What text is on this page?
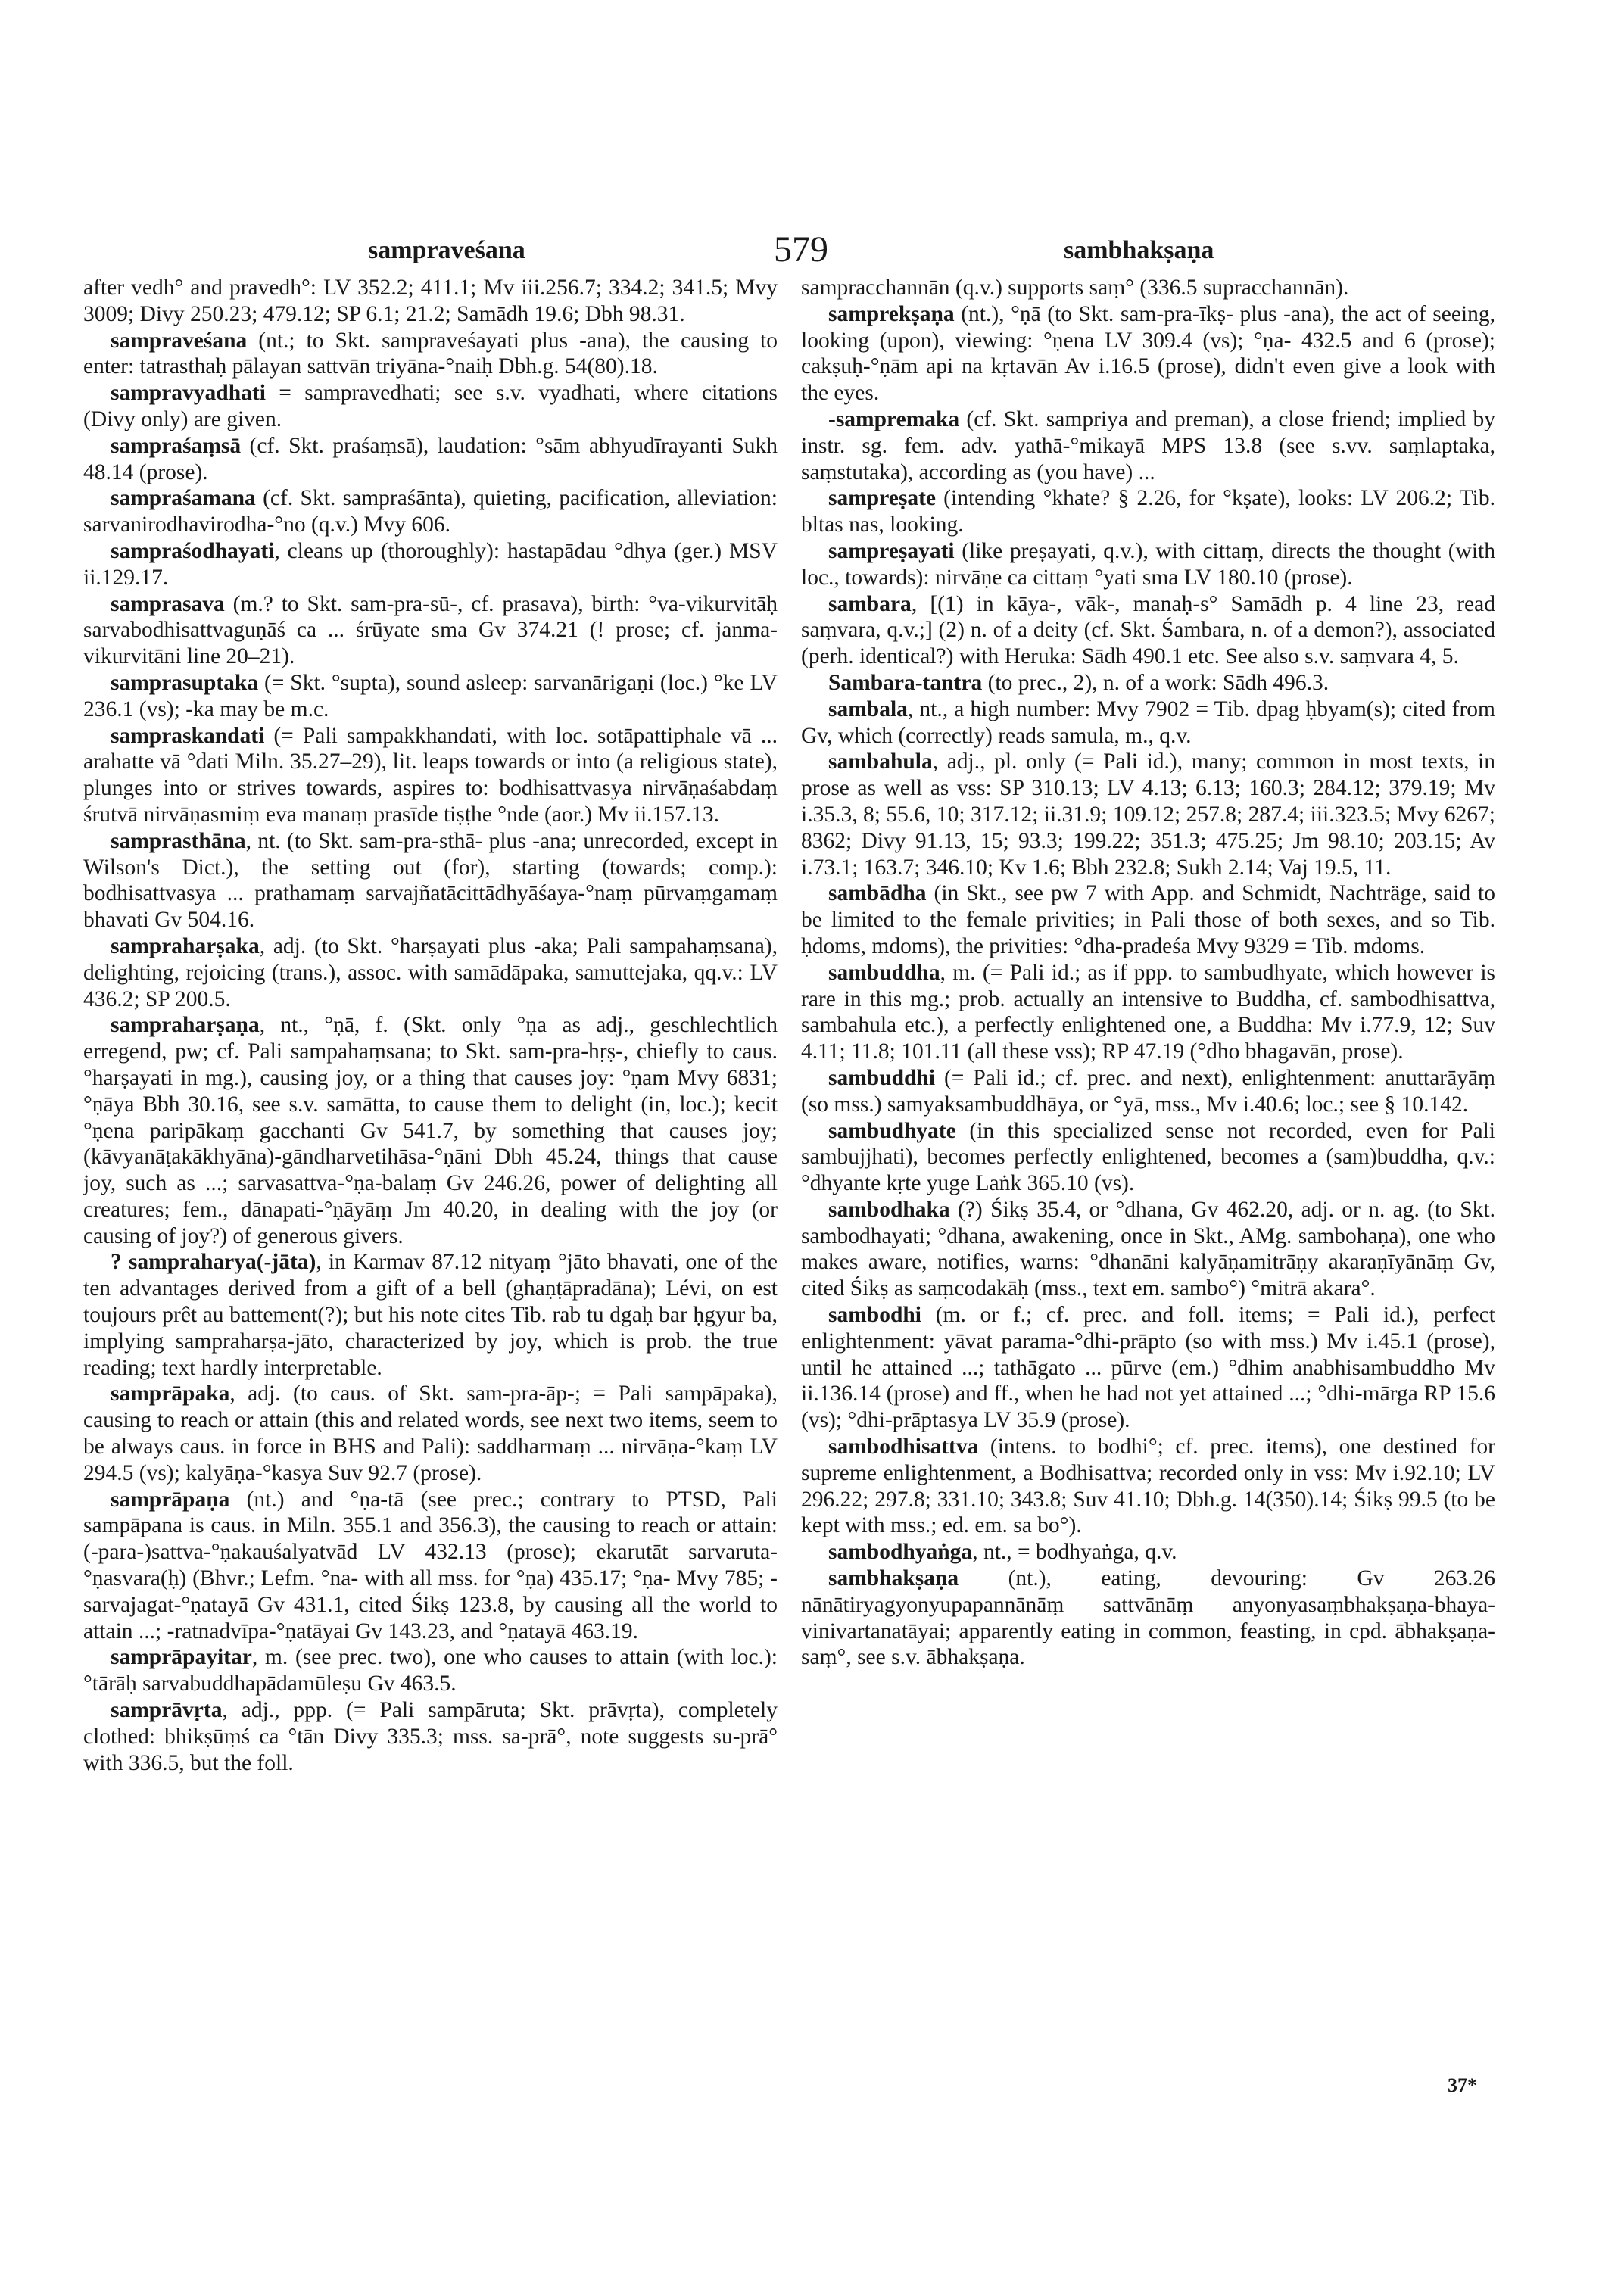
sampraveśana	579	sambhakṣaṇa

after vedh° and pravedh°: LV 352.2; 411.1; Mv iii.256.7; 334.2; 341.5; Mvy 3009; Divy 250.23; 479.12; SP 6.1; 21.2; Samādh 19.6; Dbh 98.31.

sampraveśana (nt.; to Skt. sampraveśayati plus -ana), the causing to enter: tatrasthaḥ pālayan sattvān triyāna-°naiḥ Dbh.g. 54(80).18.

sampravyadhati = sampravedhati; see s.v. vyadhati, where citations (Divy only) are given.

sampraśaṃsā (cf. Skt. praśaṃsā), laudation: °sām abhyudīrayanti Sukh 48.14 (prose).

sampraśamana (cf. Skt. sampraśānta), quieting, pacification, alleviation: sarvanirodhavirodha-°no (q.v.) Mvy 606.

sampraśodhayati, cleans up (thoroughly): hastapādau °dhya (ger.) MSV ii.129.17.

samprasava (m.? to Skt. sam-pra-sū-, cf. prasava), birth: °va-vikurvitāḥ sarvabodhisattvaguṇāś ca ... śrūyate sma Gv 374.21 (! prose; cf. janma-vikurvitāni line 20–21).

samprasuptaka (= Skt. °supta), sound asleep: sarvanārigaṇi (loc.) °ke LV 236.1 (vs); -ka may be m.c.

sampraskandati (= Pali sampakkhandati, with loc. sotāpattiphale vā ... arahatte vā °dati Miln. 35.27–29), lit. leaps towards or into (a religious state), plunges into or strives towards, aspires to: bodhisattvasya nirvāṇaśabdaṃ śrutvā nirvāṇasmiṃ eva manaṃ prasīde tiṣṭhe °nde (aor.) Mv ii.157.13.

samprasthāna, nt. (to Skt. sam-pra-sthā- plus -ana; unrecorded, except in Wilson's Dict.), the setting out (for), starting (towards; comp.): bodhisattvasya ... prathamaṃ sarvajñatācittādhyāśaya-°naṃ pūrvaṃgamaṃ bhavati Gv 504.16.

sampraharṣaka, adj. (to Skt. °harṣayati plus -aka; Pali sampahaṃsana), delighting, rejoicing (trans.), assoc. with samādāpaka, samuttejaka, qq.v.: LV 436.2; SP 200.5.

sampraharṣaṇa, nt., °ṇā, f. (Skt. only °ṇa as adj., geschlechtlich erregend, pw; cf. Pali sampahaṃsana; to Skt. sam-pra-hṛṣ-, chiefly to caus. °harṣayati in mg.), causing joy, or a thing that causes joy: °ṇam Mvy 6831; °ṇāya Bbh 30.16, see s.v. samātta, to cause them to delight (in, loc.); kecit °ṇena paripākaṃ gacchanti Gv 541.7, by something that causes joy; (kāvyanāṭakākhyāna)-gāndharvetihāsa-°ṇāni Dbh 45.24, things that cause joy, such as ...; sarvasattva-°ṇa-balaṃ Gv 246.26, power of delighting all creatures; fem., dānapati-°ṇāyāṃ Jm 40.20, in dealing with the joy (or causing of joy?) of generous givers.

? sampraharya(-jāta), in Karmav 87.12 nityaṃ °jāto bhavati, one of the ten advantages derived from a gift of a bell (ghaṇṭāpradāna); Lévi, on est toujours prêt au battement(?); but his note cites Tib. rab tu dgaḥ bar ḥgyur ba, implying sampraharṣa-jāto, characterized by joy, which is prob. the true reading; text hardly interpretable.

samprāpaka, adj. (to caus. of Skt. sam-pra-āp-; = Pali sampāpaka), causing to reach or attain (this and related words, see next two items, seem to be always caus. in force in BHS and Pali): saddharmaṃ ... nirvāṇa-°kaṃ LV 294.5 (vs); kalyāṇa-°kasya Suv 92.7 (prose).

samprāpaṇa (nt.) and °ṇa-tā (see prec.; contrary to PTSD, Pali sampāpana is caus. in Miln. 355.1 and 356.3), the causing to reach or attain: (-para-)sattva-°ṇakauśalyatvād LV 432.13 (prose); ekarutāt sarvaruta-°ṇasvara(ḥ) (Bhvr.; Lefm. °na- with all mss. for °ṇa) 435.17; °ṇa- Mvy 785; -sarvajagat-°ṇatayā Gv 431.1, cited Śikṣ 123.8, by causing all the world to attain ...; -ratnadvīpa-°ṇatāyai Gv 143.23, and °ṇatayā 463.19.

samprāpayitar, m. (see prec. two), one who causes to attain (with loc.): °tārāḥ sarvabuddhapādamūleṣu Gv 463.5.

samprāvṛta, adj., ppp. (= Pali sampāruta; Skt. prāvṛta), completely clothed: bhikṣūṃś ca °tān Divy 335.3; mss. sa-prā°, note suggests su-prā° with 336.5, but the foll.

sampracchannān (q.v.) supports saṃ° (336.5 supracchannān).

samprekṣaṇa (nt.), °ṇā (to Skt. sam-pra-īkṣ- plus -ana), the act of seeing, looking (upon), viewing: °ṇena LV 309.4 (vs); °ṇa- 432.5 and 6 (prose); cakṣuḥ-°ṇām api na kṛtavān Av i.16.5 (prose), didn't even give a look with the eyes.

-sampremaka (cf. Skt. sampriya and preman), a close friend; implied by instr. sg. fem. adv. yathā-°mikayā MPS 13.8 (see s.vv. saṃlaptaka, saṃstutaka), according as (you have) ...

sampreṣate (intending °khate? § 2.26, for °kṣate), looks: LV 206.2; Tib. bltas nas, looking.

sampreṣayati (like preṣayati, q.v.), with cittaṃ, directs the thought (with loc., towards): nirvāṇe ca cittaṃ °yati sma LV 180.10 (prose).

sambara, [(1) in kāya-, vāk-, manaḥ-s° Samādh p. 4 line 23, read saṃvara, q.v.;] (2) n. of a deity (cf. Skt. Śambara, n. of a demon?), associated (perh. identical?) with Heruka: Sādh 490.1 etc. See also s.v. saṃvara 4, 5.

Sambara-tantra (to prec., 2), n. of a work: Sādh 496.3.

sambala, nt., a high number: Mvy 7902 = Tib. dpag ḥbyam(s); cited from Gv, which (correctly) reads samula, m., q.v.

sambahula, adj., pl. only (= Pali id.), many; common in most texts, in prose as well as vss: SP 310.13; LV 4.13; 6.13; 160.3; 284.12; 379.19; Mv i.35.3, 8; 55.6, 10; 317.12; ii.31.9; 109.12; 257.8; 287.4; iii.323.5; Mvy 6267; 8362; Divy 91.13, 15; 93.3; 199.22; 351.3; 475.25; Jm 98.10; 203.15; Av i.73.1; 163.7; 346.10; Kv 1.6; Bbh 232.8; Sukh 2.14; Vaj 19.5, 11.

sambādha (in Skt., see pw 7 with App. and Schmidt, Nachträge, said to be limited to the female privities; in Pali those of both sexes, and so Tib. ḥdoms, mdoms), the privities: °dha-pradeśa Mvy 9329 = Tib. mdoms.

sambuddha, m. (= Pali id.; as if ppp. to sambudhyate, which however is rare in this mg.; prob. actually an intensive to Buddha, cf. sambodhisattva, sambahula etc.), a perfectly enlightened one, a Buddha: Mv i.77.9, 12; Suv 4.11; 11.8; 101.11 (all these vss); RP 47.19 (°dho bhagavān, prose).

sambuddhi (= Pali id.; cf. prec. and next), enlightenment: anuttarāyāṃ (so mss.) samyaksambuddhāya, or °yā, mss., Mv i.40.6; loc.; see § 10.142.

sambudhyate (in this specialized sense not recorded, even for Pali sambujjhati), becomes perfectly enlightened, becomes a (sam)buddha, q.v.: °dhyante kṛte yuge Laṅk 365.10 (vs).

sambodhaka (?) Śikṣ 35.4, or °dhana, Gv 462.20, adj. or n. ag. (to Skt. sambodhayati; °dhana, awakening, once in Skt., AMg. sambohaṇa), one who makes aware, notifies, warns: °dhanāni kalyāṇamitrāṇy akaraṇīyānāṃ Gv, cited Śikṣ as saṃcodakāḥ (mss., text em. sambo°) °mitrā akara°.

sambodhi (m. or f.; cf. prec. and foll. items; = Pali id.), perfect enlightenment: yāvat parama-°dhi-prāpto (so with mss.) Mv i.45.1 (prose), until he attained ...; tathāgato ... pūrve (em.) °dhim anabhisambuddho Mv ii.136.14 (prose) and ff., when he had not yet attained ...; °dhi-mārga RP 15.6 (vs); °dhi-prāptasya LV 35.9 (prose).

sambodhisattva (intens. to bodhi°; cf. prec. items), one destined for supreme enlightenment, a Bodhisattva; recorded only in vss: Mv i.92.10; LV 296.22; 297.8; 331.10; 343.8; Suv 41.10; Dbh.g. 14(350).14; Śikṣ 99.5 (to be kept with mss.; ed. em. sa bo°).

sambodhyaṅga, nt., = bodhyaṅga, q.v.

sambhakṣaṇa (nt.), eating, devouring: Gv 263.26 nānātiryagyonyupapannānāṃ sattvānāṃ anyonyasaṃbhakṣaṇa-bhaya-vinivartanatāyai; apparently eating in common, feasting, in cpd. ābhakṣaṇa-saṃ°, see s.v. ābhakṣaṇa.

37*
